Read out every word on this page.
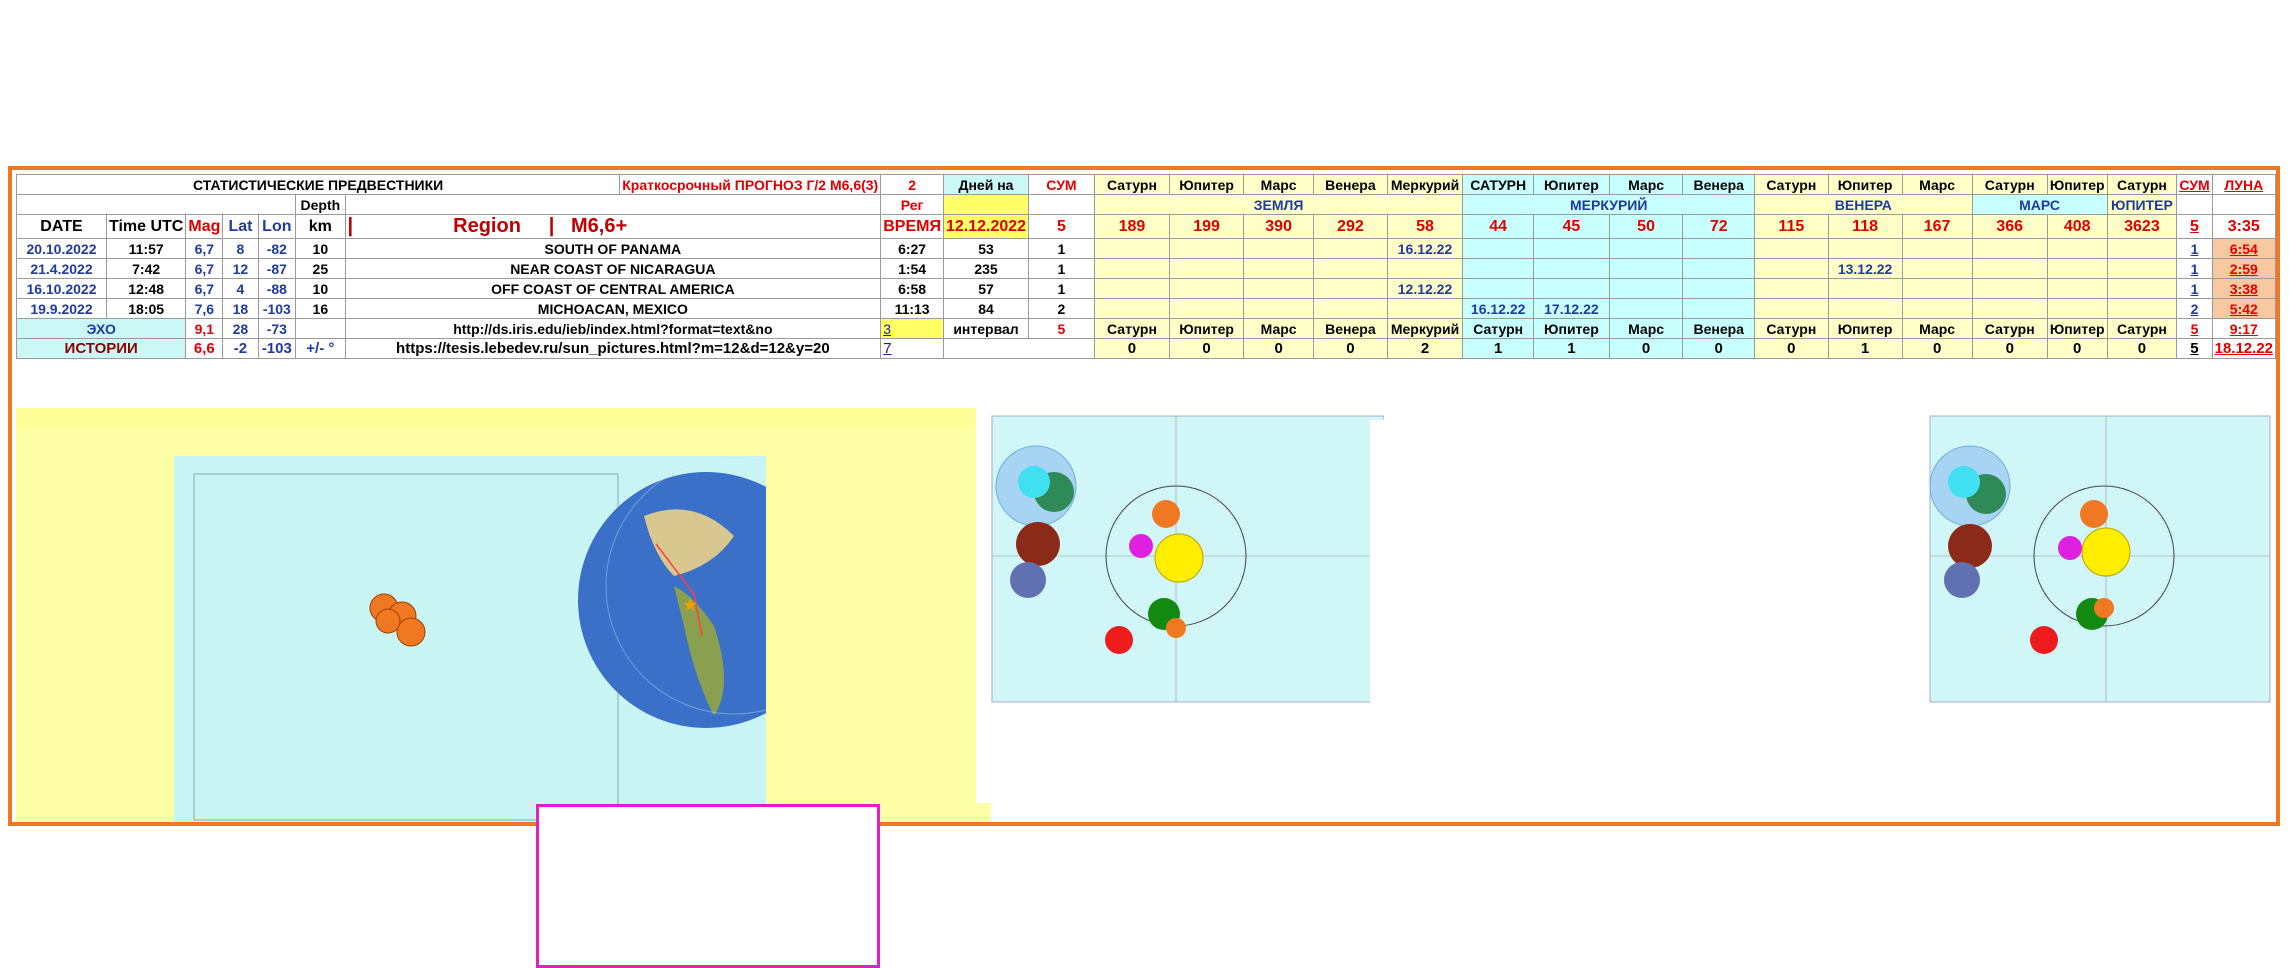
СТАТИСТИЧЕСКИЕ ПРЕДВЕСТНИКИ							Краткосрочный ПРОГНОЗ Г/2 М6,6(3)	2	Дней на	СУМ	Сатурн	Юпитер	Марс	Венера	Меркурий	САТУРН	Юпитер	Марс	Венера	Сатурн	Юпитер	Марс	Сатурн	Юпитер	Сатурн	СУМ	ЛУНА
					Depth			Рег			ЗЕМЛЯ					МЕРКУРИЙ				ВЕНЕРА			МАРС		ЮПИТЕР		
DATE	Time UTC	Mag	Lat	Lon	km	|                  Region     |   М6,6+		ВРЕМЯ	12.12.2022	5	189	199	390	292	58	44	45	50	72	115	118	167	366	408	3623	5	3:35
20.10.2022	11:57	6,7	8	-82	10	SOUTH OF PANAMA		6:27	53	1					16.12.22											1	6:54
21.4.2022	7:42	6,7	12	-87	25	NEAR COAST OF NICARAGUA		1:54	235	1											13.12.22					1	2:59
16.10.2022	12:48	6,7	4	-88	10	OFF COAST OF CENTRAL AMERICA		6:58	57	1					12.12.22											1	3:38
19.9.2022	18:05	7,6	18	-103	16	MICHOACAN, MEXICO		11:13	84	2						16.12.22	17.12.22									2	5:42
ЭХО		9,1	28	-73		http://ds.iris.edu/ieb/index.html?format=text&no		3	интервал	5	Сатурн	Юпитер	Марс	Венера	Меркурий	Сатурн	Юпитер	Марс	Венера	Сатурн	Юпитер	Марс	Сатурн	Юпитер	Сатурн	5	9:17
ИСТОРИИ		6,6	-2	-103	+/- °	https://tesis.lebedev.ru/sun_pictures.html?m=12&d=12&y=20		7			0	0	0	0	2	1	1	0	0	0	1	0	0	0	0	5	18.12.22
★
